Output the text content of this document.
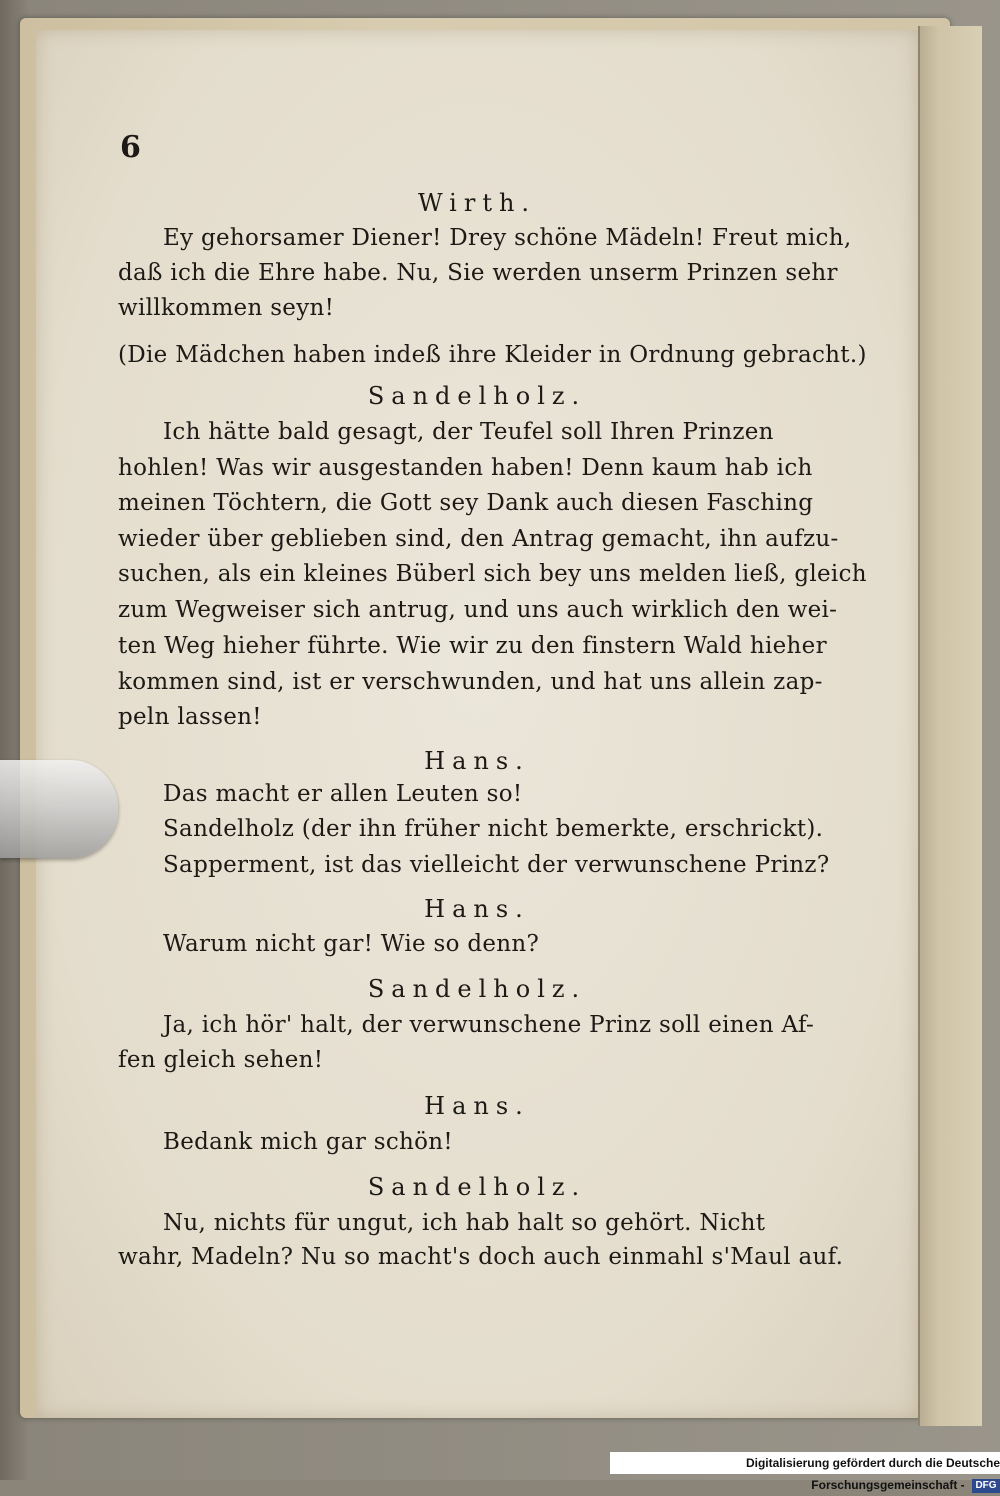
6
Wirth.
Ey gehorsamer Diener! Drey schöne Mädeln! Freut mich,
daß ich die Ehre habe. Nu, Sie werden unserm Prinzen sehr
willkommen seyn!
(Die Mädchen haben indeß ihre Kleider in Ordnung gebracht.)
Sandelholz.
Ich hätte bald gesagt, der Teufel soll Ihren Prinzen
hohlen! Was wir ausgestanden haben! Denn kaum hab ich
meinen Töchtern, die Gott sey Dank auch diesen Fasching
wieder über geblieben sind, den Antrag gemacht, ihn aufzu-
suchen, als ein kleines Büberl sich bey uns melden ließ, gleich
zum Wegweiser sich antrug, und uns auch wirklich den wei-
ten Weg hieher führte. Wie wir zu den finstern Wald hieher
kommen sind, ist er verschwunden, und hat uns allein zap-
peln lassen!
Hans.
Das macht er allen Leuten so!
Sandelholz (der ihn früher nicht bemerkte, erschrickt).
Sapperment, ist das vielleicht der verwunschene Prinz?
Hans.
Warum nicht gar! Wie so denn?
Sandelholz.
Ja, ich hör' halt, der verwunschene Prinz soll einen Af-
fen gleich sehen!
Hans.
Bedank mich gar schön!
Sandelholz.
Nu, nichts für ungut, ich hab halt so gehört. Nicht
wahr, Madeln? Nu so macht's doch auch einmahl s'Maul auf.
Digitalisierung gefördert durch die Deutsche Forschungsgemeinschaft - DFG
